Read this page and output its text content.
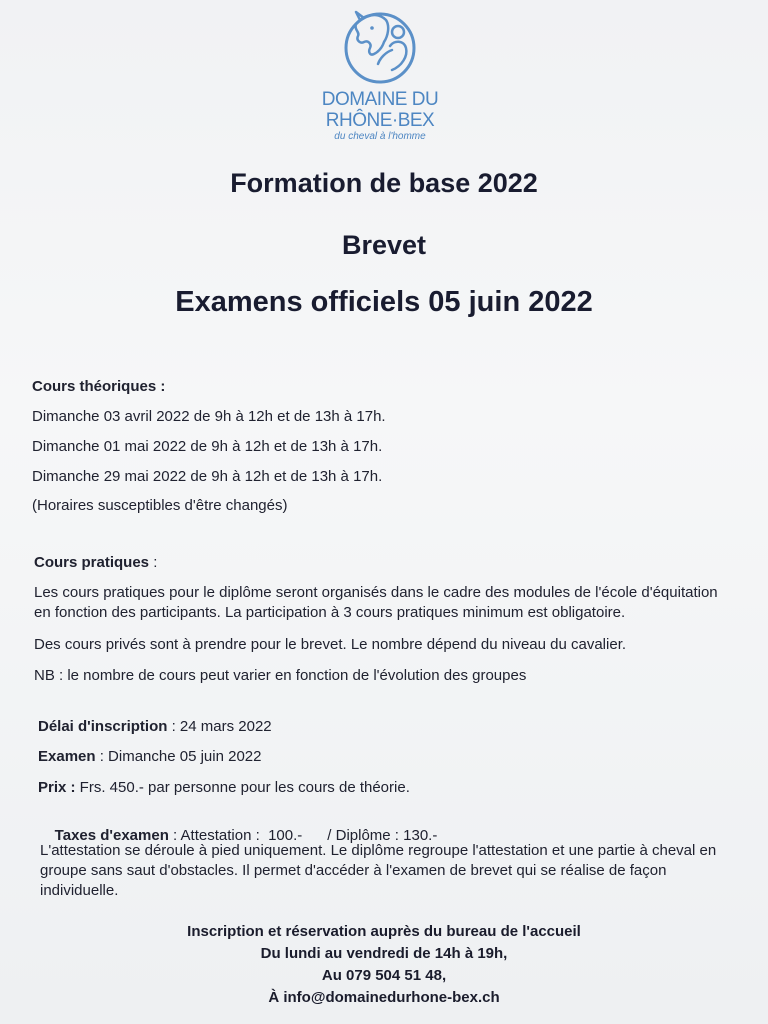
DOMAINE DU
RHÔNE·BEX
du cheval à l'homme
Formation de base 2022
Brevet
Examens officiels 05 juin 2022
Cours théoriques :
Dimanche 03 avril 2022 de 9h à 12h et de 13h à 17h.
Dimanche 01 mai 2022 de 9h à 12h et de 13h à 17h.
Dimanche 29 mai 2022 de 9h à 12h et de 13h à 17h.
(Horaires susceptibles d'être changés)
Cours pratiques :
Les cours pratiques pour le diplôme seront organisés dans le cadre des modules de l'école d'équitation
en fonction des participants. La participation à 3 cours pratiques minimum est obligatoire.
Des cours privés sont à prendre pour le brevet. Le nombre dépend du niveau du cavalier.
NB : le nombre de cours peut varier en fonction de l'évolution des groupes
Délai d'inscription : 24 mars 2022
Examen : Dimanche 05 juin 2022
Prix : Frs. 450.- par personne pour les cours de théorie.

Taxes d'examen : Attestation :  100.-      / Diplôme : 130.-

L'attestation se déroule à pied uniquement. Le diplôme regroupe l'attestation et une partie à cheval en
groupe sans saut d'obstacles. Il permet d'accéder à l'examen de brevet qui se réalise de façon
individuelle.
Inscription et réservation auprès du bureau de l'accueil
Du lundi au vendredi de 14h à 19h,
Au 079 504 51 48,
À info@domainedurhone-bex.ch
